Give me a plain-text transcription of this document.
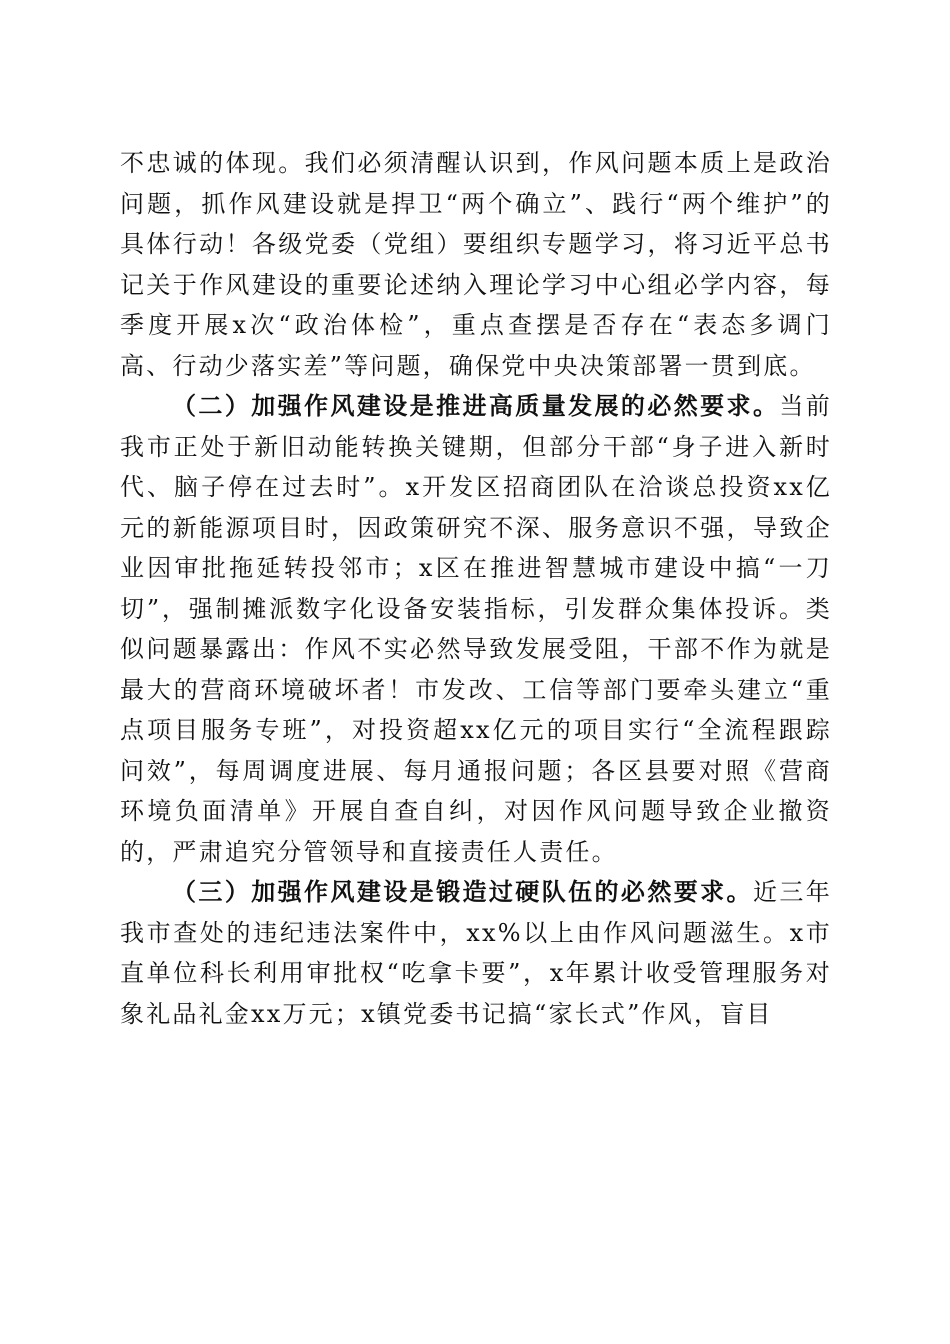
不忠诚的体现。我们必须清醒认识到，作风问题本质上是政治问题，抓作风建设就是捍卫“两个确立”、践行“两个维护”的具体行动！各级党委（党组）要组织专题学习，将习近平总书记关于作风建设的重要论述纳入理论学习中心组必学内容，每季度开展x次“政治体检”，重点查摆是否存在“表态多调门高、行动少落实差”等问题，确保党中央决策部署一贯到底。

（二）加强作风建设是推进高质量发展的必然要求。当前我市正处于新旧动能转换关键期，但部分干部“身子进入新时代、脑子停在过去时”。x开发区招商团队在洽谈总投资xx亿元的新能源项目时，因政策研究不深、服务意识不强，导致企业因审批拖延转投邻市；x区在推进智慧城市建设中搞“一刀切”，强制摊派数字化设备安装指标，引发群众集体投诉。类似问题暴露出：作风不实必然导致发展受阻，干部不作为就是最大的营商环境破坏者！市发改、工信等部门要牵头建立“重点项目服务专班”，对投资超xx亿元的项目实行“全流程跟踪问效”，每周调度进展、每月通报问题；各区县要对照《营商环境负面清单》开展自查自纠，对因作风问题导致企业撤资的，严肃追究分管领导和直接责任人责任。

（三）加强作风建设是锻造过硬队伍的必然要求。近三年我市查处的违纪违法案件中，xx%以上由作风问题滋生。x市直单位科长利用审批权“吃拿卡要”，x年累计收受管理服务对象礼品礼金xx万元；x镇党委书记搞“家长式”作风，盲目
